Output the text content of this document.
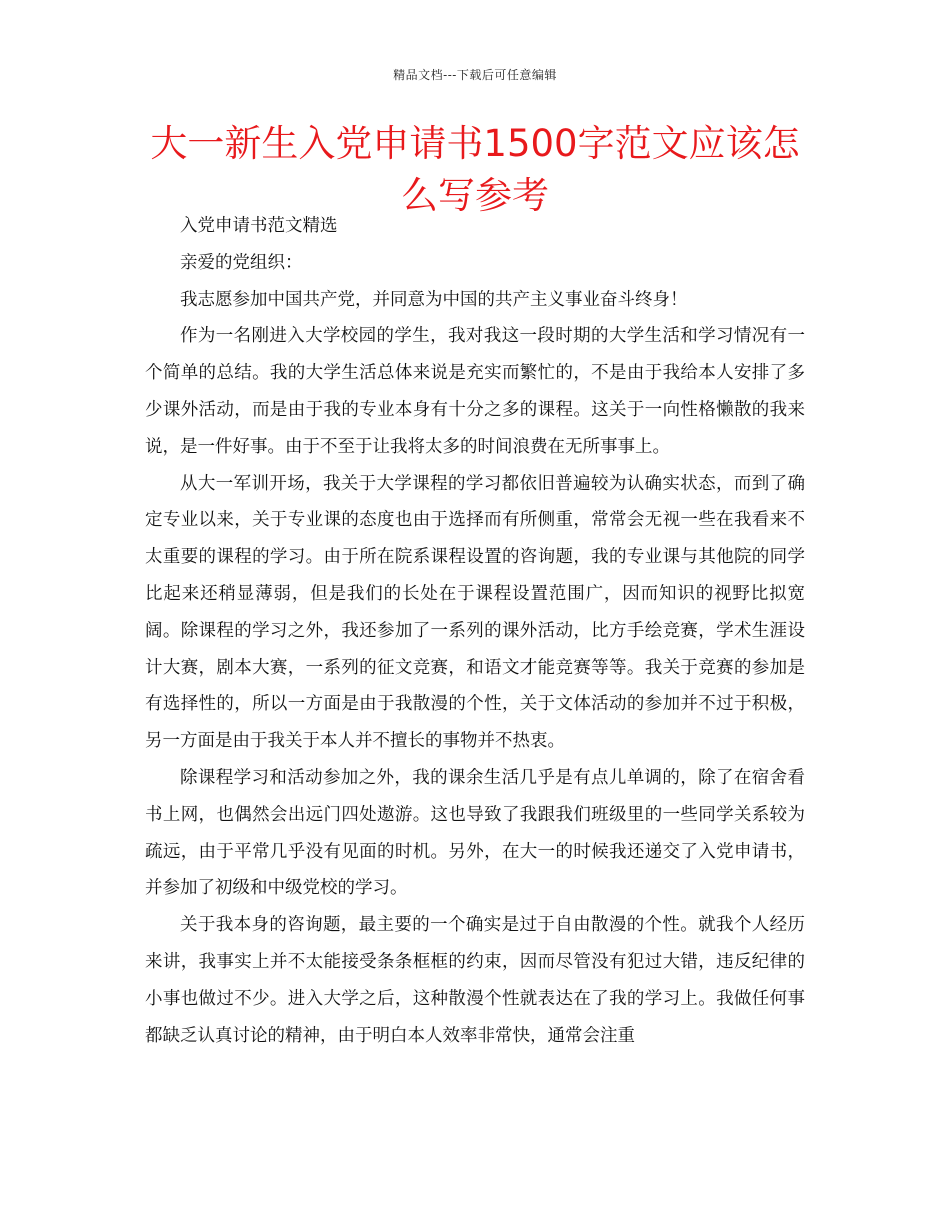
精品文档---下载后可任意编辑
大一新生入党申请书1500字范文应该怎么写参考

入党申请书范文精选

亲爱的党组织：

我志愿参加中国共产党，并同意为中国的共产主义事业奋斗终身！

作为一名刚进入大学校园的学生，我对我这一段时期的大学生活和学习情况有一个简单的总结。我的大学生活总体来说是充实而繁忙的，不是由于我给本人安排了多少课外活动，而是由于我的专业本身有十分之多的课程。这关于一向性格懒散的我来说，是一件好事。由于不至于让我将太多的时间浪费在无所事事上。

从大一军训开场，我关于大学课程的学习都依旧普遍较为认确实状态，而到了确定专业以来，关于专业课的态度也由于选择而有所侧重，常常会无视一些在我看来不太重要的课程的学习。由于所在院系课程设置的咨询题，我的专业课与其他院的同学比起来还稍显薄弱，但是我们的长处在于课程设置范围广，因而知识的视野比拟宽阔。除课程的学习之外，我还参加了一系列的课外活动，比方手绘竞赛，学术生涯设计大赛，剧本大赛，一系列的征文竞赛，和语文才能竞赛等等。我关于竞赛的参加是有选择性的，所以一方面是由于我散漫的个性，关于文体活动的参加并不过于积极，另一方面是由于我关于本人并不擅长的事物并不热衷。

除课程学习和活动参加之外，我的课余生活几乎是有点儿单调的，除了在宿舍看书上网，也偶然会出远门四处遨游。这也导致了我跟我们班级里的一些同学关系较为疏远，由于平常几乎没有见面的时机。另外，在大一的时候我还递交了入党申请书，并参加了初级和中级党校的学习。

关于我本身的咨询题，最主要的一个确实是过于自由散漫的个性。就我个人经历来讲，我事实上并不太能接受条条框框的约束，因而尽管没有犯过大错，违反纪律的小事也做过不少。进入大学之后，这种散漫个性就表达在了我的学习上。我做任何事都缺乏认真讨论的精神，由于明白本人效率非常快，通常会注重
